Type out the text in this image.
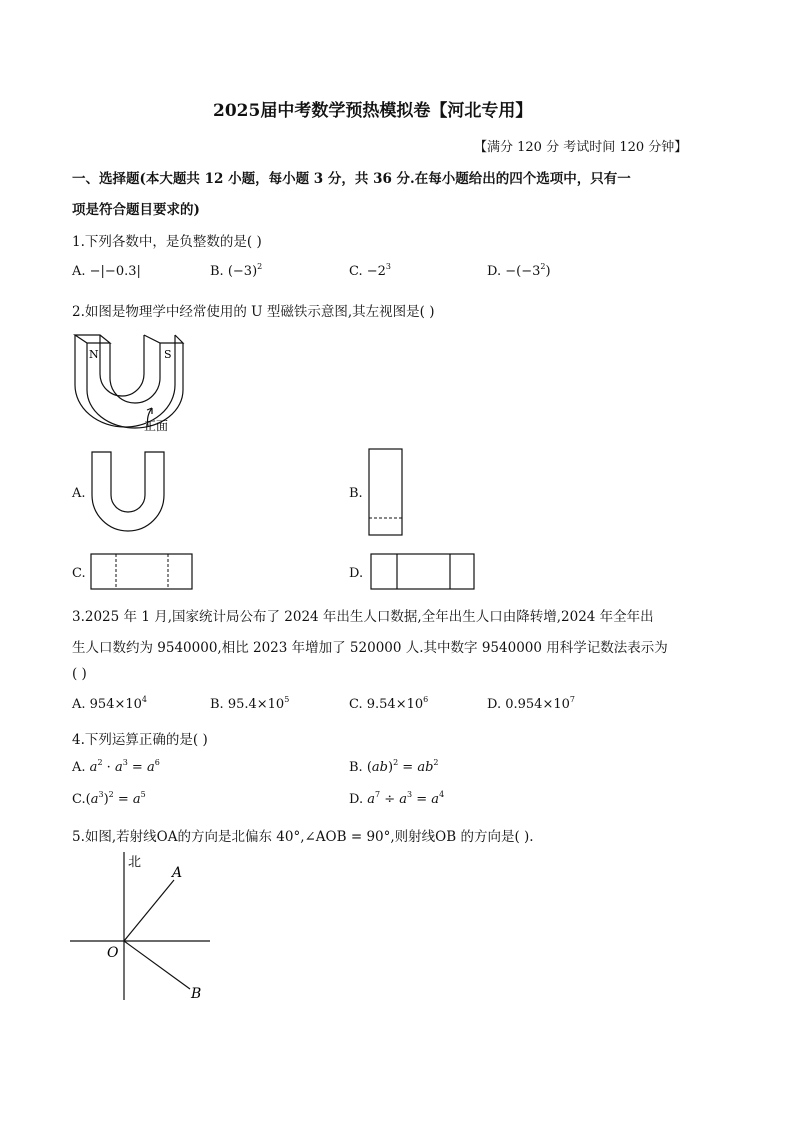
2025届中考数学预热模拟卷【河北专用】
【满分 120 分 考试时间 120 分钟】
一、选择题(本大题共 12 小题，每小题 3 分，共 36 分.在每小题给出的四个选项中，只有一
项是符合题目要求的)
1.下列各数中，是负整数的是( )
A. −|−0.3|	B. $(-3)^2$	C. $-2^3$	D. $-(-3^2)$
2.如图是物理学中经常使用的 U 型磁铁示意图,其左视图是( )
N	S
正面
A.	B.
C.	D.
3.2025 年 1 月,国家统计局公布了 2024 年出生人口数据,全年出生人口由降转增,2024 年全年出
生人口数约为 9540000,相比 2023 年增加了 520000 人.其中数字 9540000 用科学记数法表示为
( )
A. $954\times 10^4$	B. $95.4\times 10^5$	C. $9.54\times 10^6$	D. $0.954\times 10^7$
4.下列运算正确的是( )
A. $a^2 \cdot a^3 = a^6$	B. $(ab)^2 = ab^2$
$C.(a^3)^2 = a^5$	D. $a^7 \div a^3 = a^4$
5.如图,若射线OA的方向是北偏东 40°,∠AOB = 90°,则射线OB 的方向是( ).
北
A
O
B
